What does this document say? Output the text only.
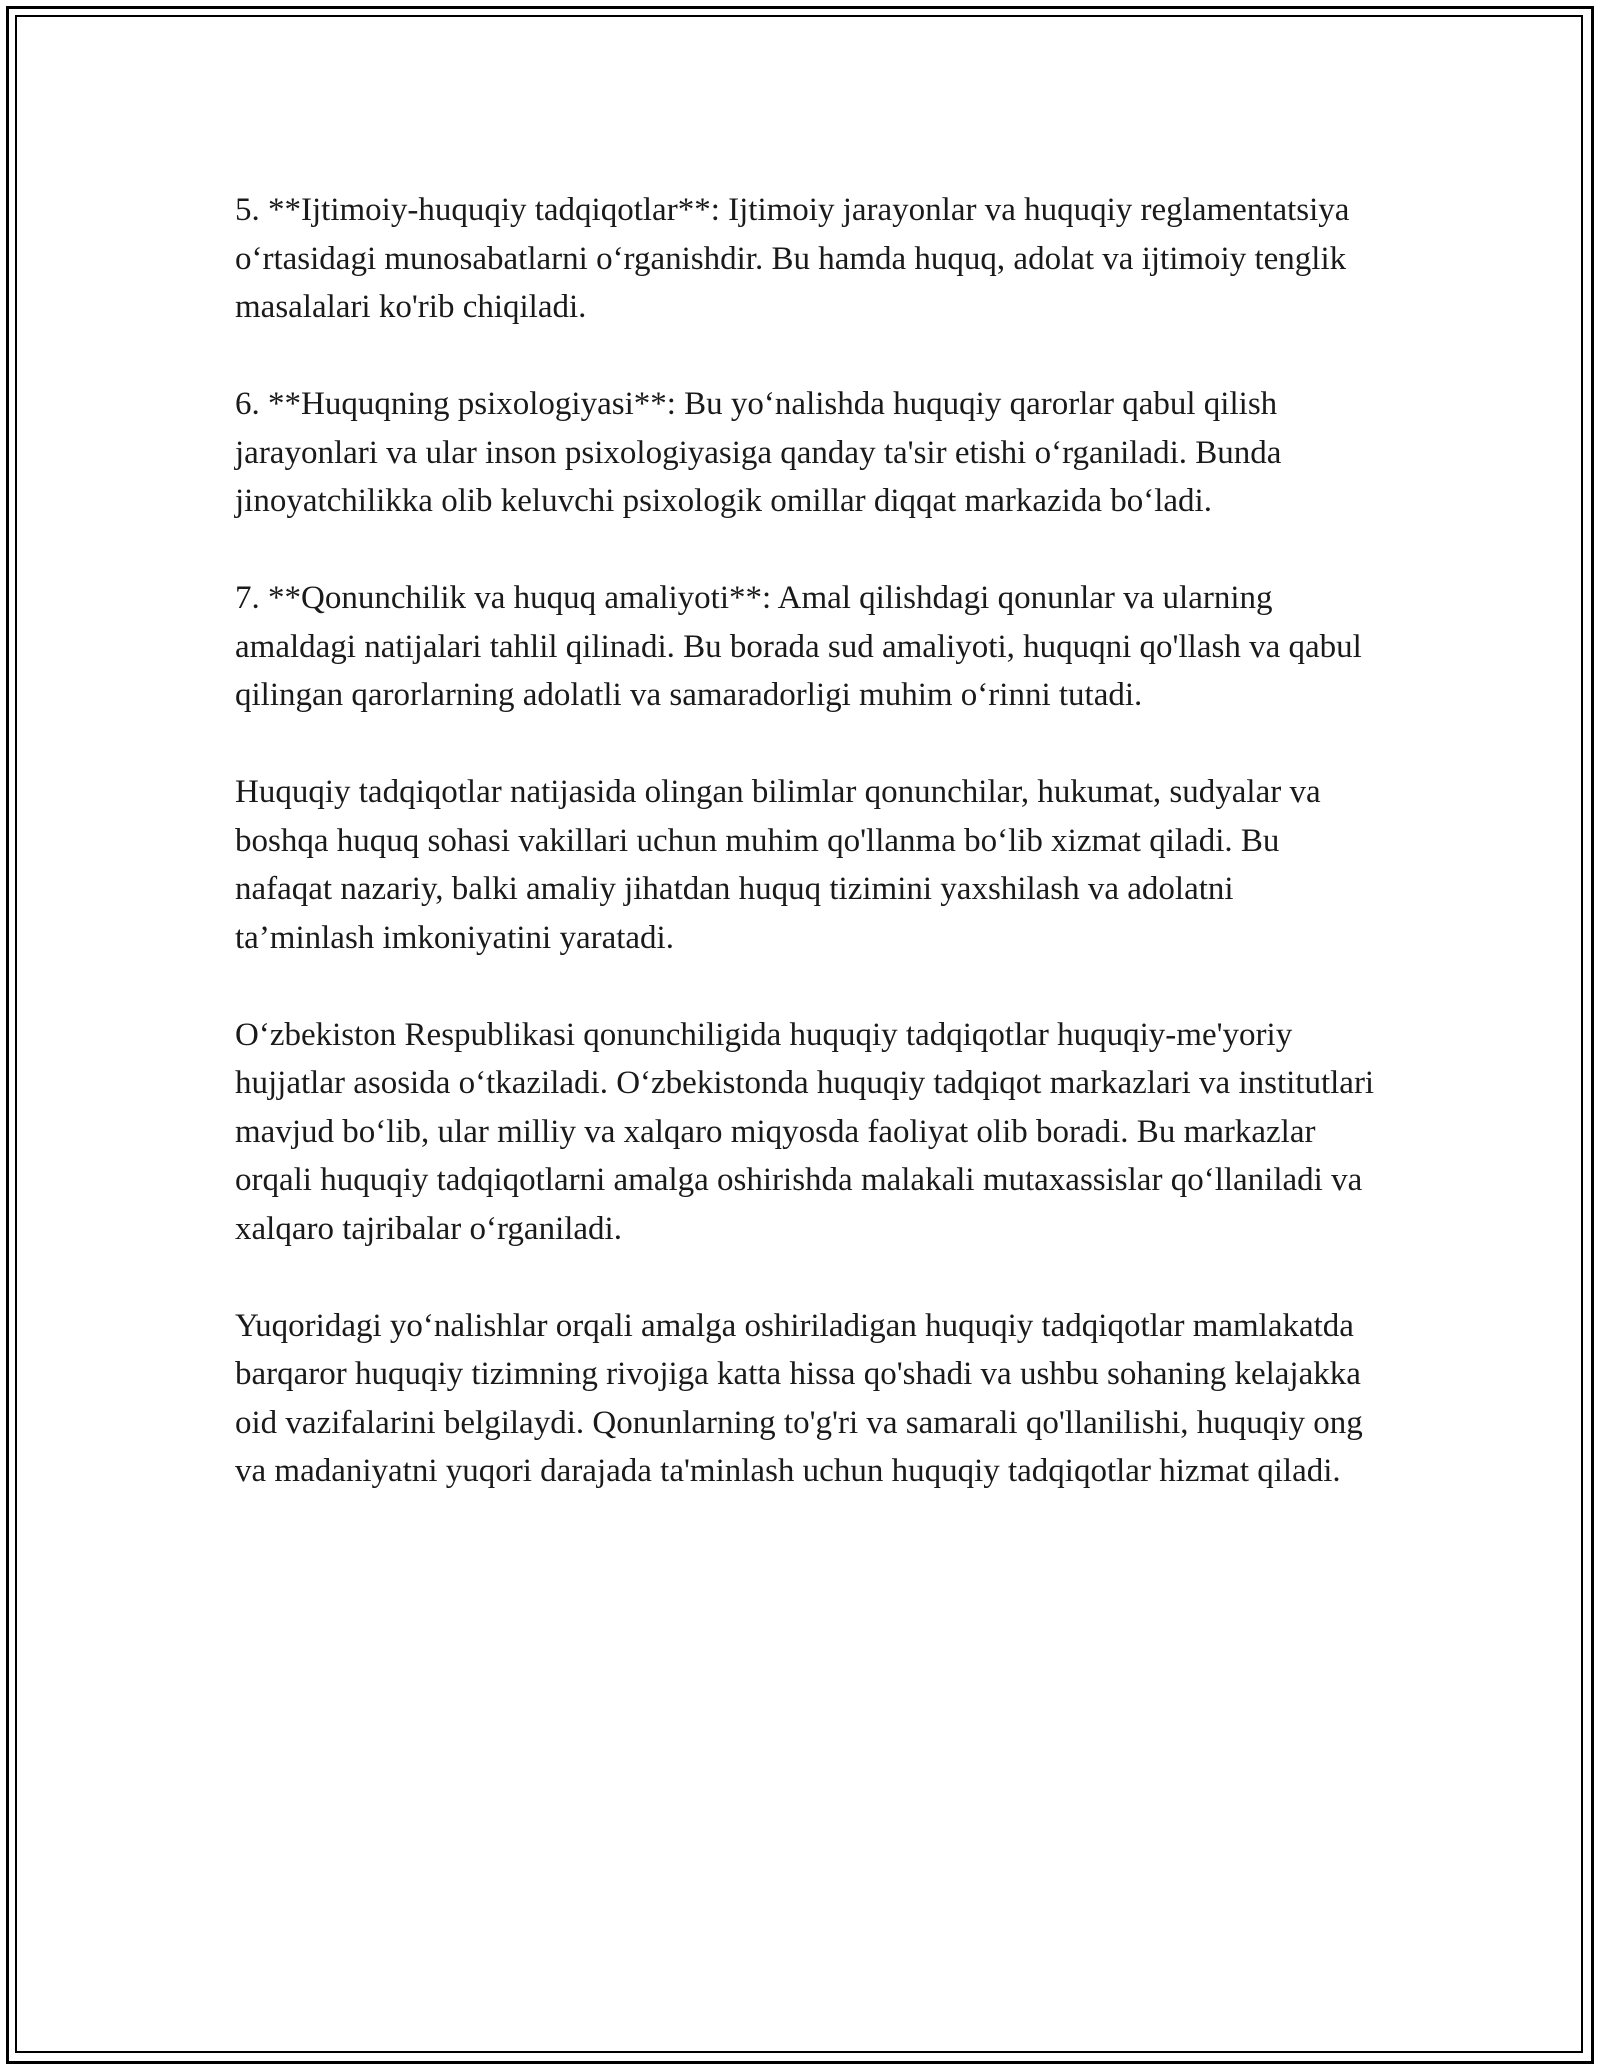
5. **Ijtimoiy-huquqiy tadqiqotlar**: Ijtimoiy jarayonlar va huquqiy reglamentatsiya o‘rtasidagi munosabatlarni o‘rganishdir. Bu hamda huquq, adolat va ijtimoiy tenglik masalalari ko'rib chiqiladi.

6. **Huquqning psixologiyasi**: Bu yo‘nalishda huquqiy qarorlar qabul qilish jarayonlari va ular inson psixologiyasiga qanday ta'sir etishi o‘rganiladi. Bunda jinoyatchilikka olib keluvchi psixologik omillar diqqat markazida bo‘ladi.

7. **Qonunchilik va huquq amaliyoti**: Amal qilishdagi qonunlar va ularning amaldagi natijalari tahlil qilinadi. Bu borada sud amaliyoti, huquqni qo'llash va qabul qilingan qarorlarning adolatli va samaradorligi muhim o‘rinni tutadi.

Huquqiy tadqiqotlar natijasida olingan bilimlar qonunchilar, hukumat, sudyalar va boshqa huquq sohasi vakillari uchun muhim qo'llanma bo‘lib xizmat qiladi. Bu nafaqat nazariy, balki amaliy jihatdan huquq tizimini yaxshilash va adolatni ta’minlash imkoniyatini yaratadi.

O‘zbekiston Respublikasi qonunchiligida huquqiy tadqiqotlar huquqiy-me'yoriy hujjatlar asosida o‘tkaziladi. O‘zbekistonda huquqiy tadqiqot markazlari va institutlari mavjud bo‘lib, ular milliy va xalqaro miqyosda faoliyat olib boradi. Bu markazlar orqali huquqiy tadqiqotlarni amalga oshirishda malakali mutaxassislar qo‘llaniladi va xalqaro tajribalar o‘rganiladi.

Yuqoridagi yo‘nalishlar orqali amalga oshiriladigan huquqiy tadqiqotlar mamlakatda barqaror huquqiy tizimning rivojiga katta hissa qo'shadi va ushbu sohaning kelajakka oid vazifalarini belgilaydi. Qonunlarning to'g'ri va samarali qo'llanilishi, huquqiy ong va madaniyatni yuqori darajada ta'minlash uchun huquqiy tadqiqotlar hizmat qiladi.
